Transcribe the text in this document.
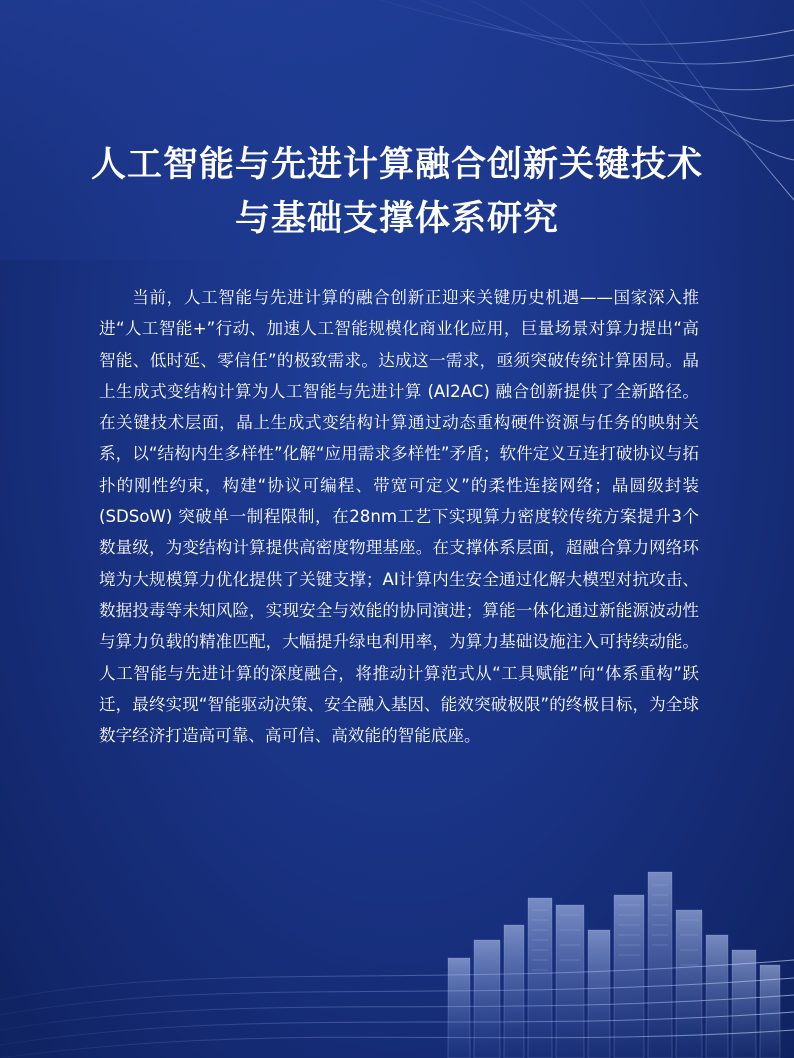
人工智能与先进计算融合创新关键技术
与基础支撑体系研究

当前，人工智能与先进计算的融合创新正迎来关键历史机遇——国家深入推进“人工智能+”行动、加速人工智能规模化商业化应用，巨量场景对算力提出“高智能、低时延、零信任”的极致需求。达成这一需求，亟须突破传统计算困局。晶上生成式变结构计算为人工智能与先进计算 (AI2AC) 融合创新提供了全新路径。在关键技术层面，晶上生成式变结构计算通过动态重构硬件资源与任务的映射关系，以“结构内生多样性”化解“应用需求多样性”矛盾；软件定义互连打破协议与拓扑的刚性约束，构建“协议可编程、带宽可定义”的柔性连接网络；晶圆级封装 (SDSoW) 突破单一制程限制，在28nm工艺下实现算力密度较传统方案提升3个数量级，为变结构计算提供高密度物理基座。在支撑体系层面，超融合算力网络环境为大规模算力优化提供了关键支撑；AI计算内生安全通过化解大模型对抗攻击、数据投毒等未知风险，实现安全与效能的协同演进；算能一体化通过新能源波动性与算力负载的精准匹配，大幅提升绿电利用率，为算力基础设施注入可持续动能。人工智能与先进计算的深度融合，将推动计算范式从“工具赋能”向“体系重构”跃迁，最终实现“智能驱动决策、安全融入基因、能效突破极限”的终极目标，为全球数字经济打造高可靠、高可信、高效能的智能底座。
